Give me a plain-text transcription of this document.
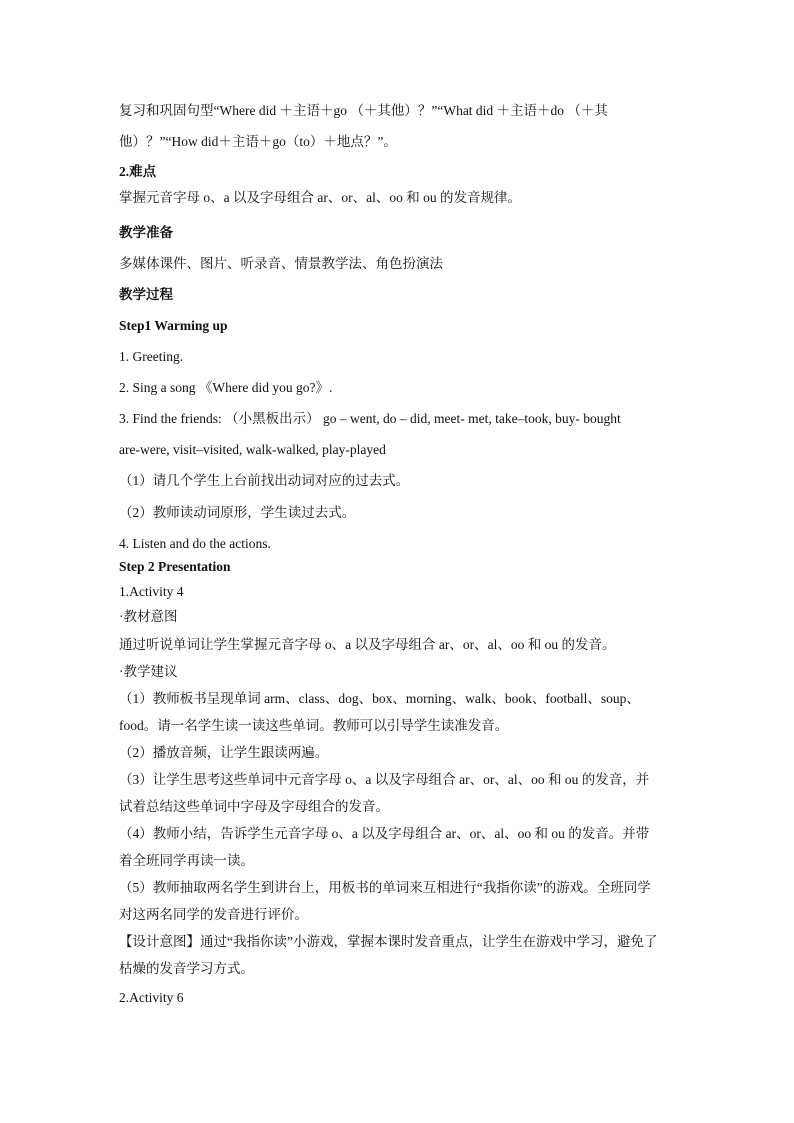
复习和巩固句型“Where did ＋主语＋go （＋其他）？”“What did ＋主语＋do （＋其
他）？”“How did＋主语＋go（to）＋地点？”。
2.难点
掌握元音字母 o、a 以及字母组合 ar、or、al、oo 和 ou 的发音规律。
教学准备
多媒体课件、图片、听录音、情景教学法、角色扮演法
教学过程
Step1 Warming up
1. Greeting.
2. Sing a song 《Where did you go?》.
3. Find the friends: （小黑板出示） go – went, do – did, meet- met, take–took, buy- bought
are-were, visit–visited, walk-walked, play-played
（1）请几个学生上台前找出动词对应的过去式。
（2）教师读动词原形，学生读过去式。
4. Listen and do the actions.
Step 2 Presentation
1.Activity 4
·教材意图
通过听说单词让学生掌握元音字母 o、a 以及字母组合 ar、or、al、oo 和 ou 的发音。
·教学建议
（1）教师板书呈现单词 arm、class、dog、box、morning、walk、book、football、soup、
food。请一名学生读一读这些单词。教师可以引导学生读准发音。
（2）播放音频，让学生跟读两遍。
（3）让学生思考这些单词中元音字母 o、a 以及字母组合 ar、or、al、oo 和 ou 的发音，并
试着总结这些单词中字母及字母组合的发音。
（4）教师小结，告诉学生元音字母 o、a 以及字母组合 ar、or、al、oo 和 ou 的发音。并带
着全班同学再读一读。
（5）教师抽取两名学生到讲台上，用板书的单词来互相进行“我指你读”的游戏。全班同学
对这两名同学的发音进行评价。
【设计意图】通过“我指你读”小游戏，掌握本课时发音重点，让学生在游戏中学习，避免了
枯燥的发音学习方式。
2.Activity 6
